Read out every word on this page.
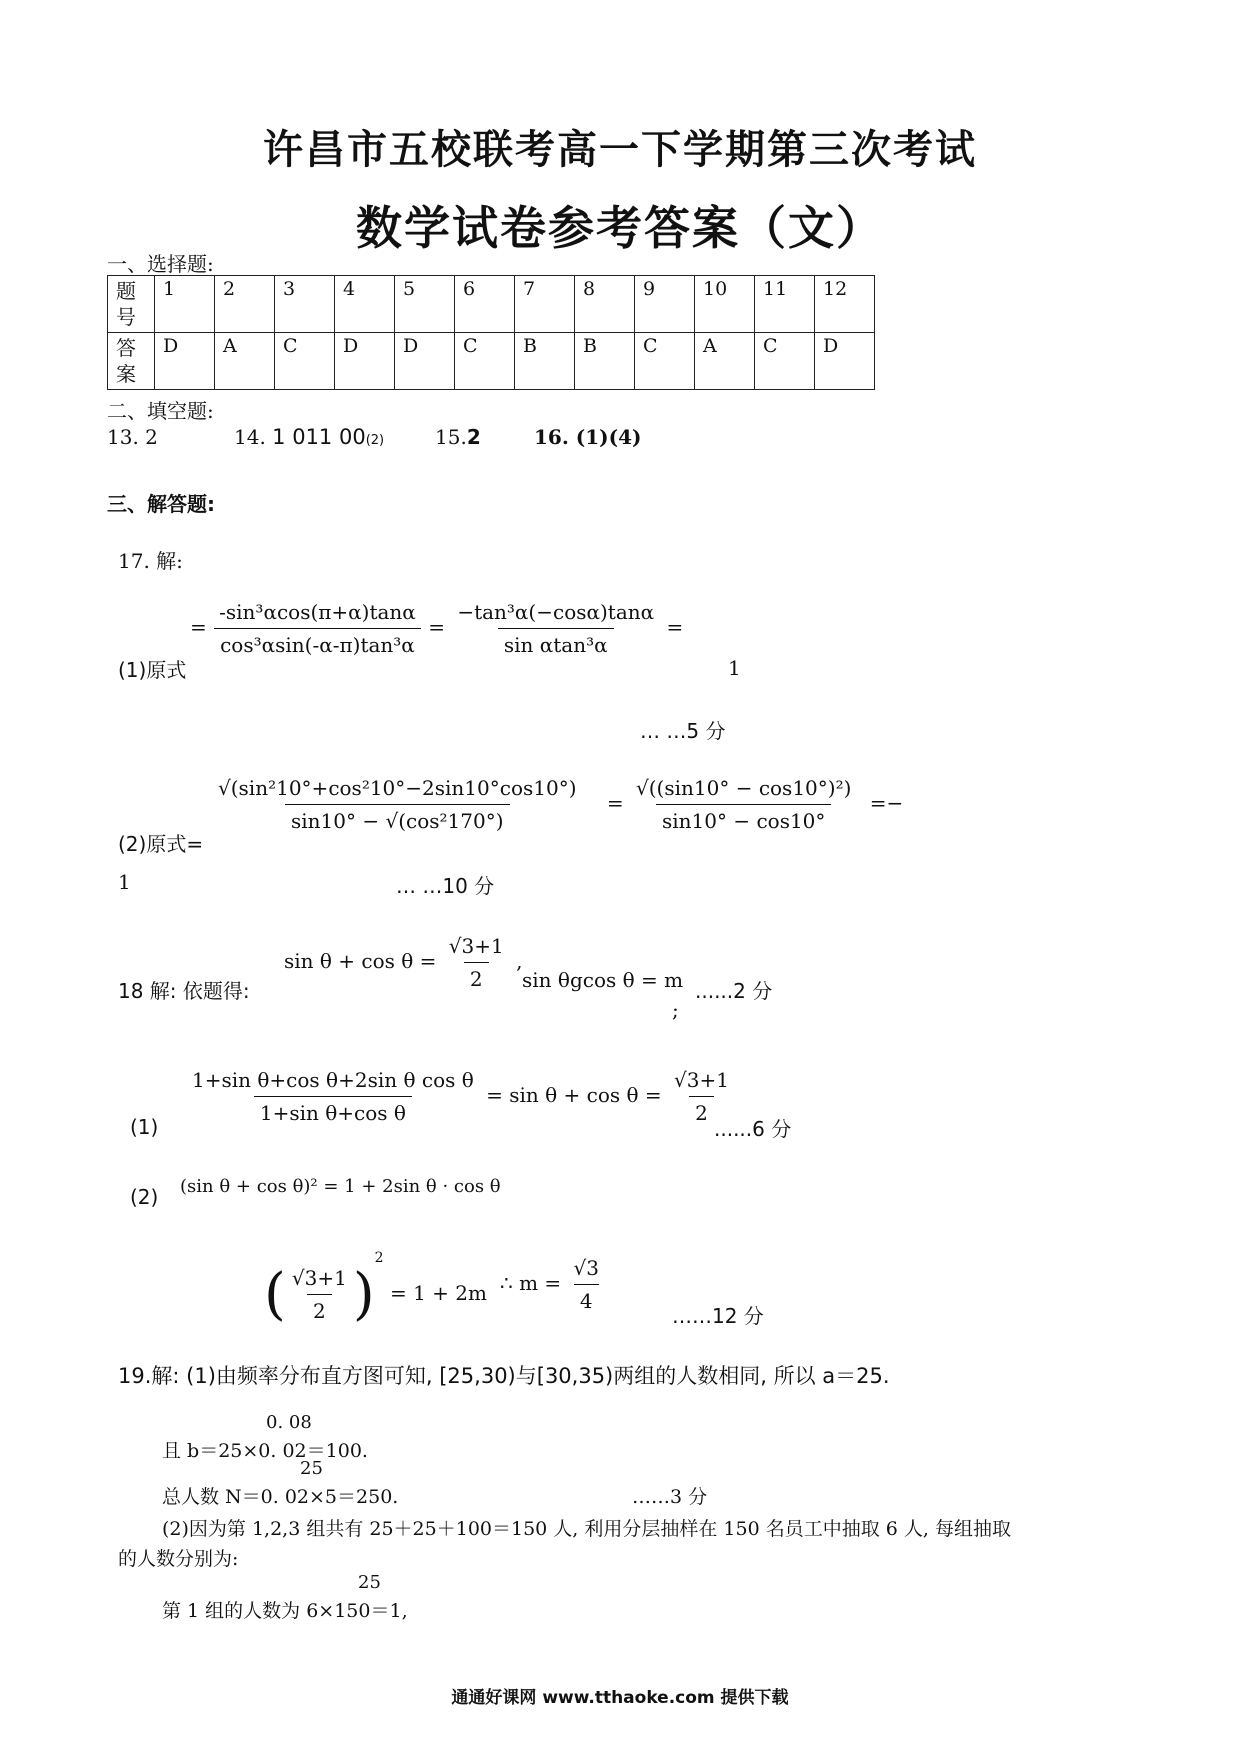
许昌市五校联考高一下学期第三次考试
数学试卷参考答案（文）
一、选择题:
题
号	1	2	3	4	5	6	7	8	9	10	11	12
答
案	D	A	C	D	D	C	B	B	C	A	C	D
二、填空题:
13. 2	14. 1 011 00(2)	15.2	16. (1)(4)
三、解答题:
17. 解:
= $\frac{\text{-sin³αcos(π+α)tanα}}{\text{cos³αsin(-α-π)tan³α}} = \frac{\text{−tan³α(−cosα)tanα}}{\text{sin αtan³α}}$ =
(1)原式	1
… …5 分
$\frac{\text{√(sin²10°+cos²10°−2sin10°cos10°)}}{\text{sin10° − √(cos²170°)}} = \frac{\text{√((sin10° − cos10°)²)}}{\sin 10^\circ - \cos 10^\circ}$ =−
(2)原式=
1	… …10 分
18 解: 依题得:
$\sin \theta + \cos \theta = \frac{√3+1}{2}$ ,
sin θgcos θ = m
;
......2 分
(1)
$\frac{\text{1+sin θ+cos θ+2sin θ cos θ}}{\text{1+sin θ+cos θ}} = \sin \theta + \cos \theta = \frac{√3+1}{2}$
......6 分
(2) (sin θ + cos θ)² = 1 + 2sin θ · cos θ
( $\frac{√3+1}{2} )^2 = 1 + 2m$ ∴ $m = \frac{√3}{4}$
……12 分
19.解: (1)由频率分布直方图可知, [25,30)与[30,35)两组的人数相同, 所以 a＝25.
0. 08
且 b＝25×0. 02＝100.
25
总人数 N＝0. 02×5＝250.	……3 分
(2)因为第 1,2,3 组共有 25＋25＋100＝150 人, 利用分层抽样在 150 名员工中抽取 6 人, 每组抽取
的人数分别为:
25
第 1 组的人数为 6×150＝1,
通通好课网 www.tthaoke.com 提供下载
